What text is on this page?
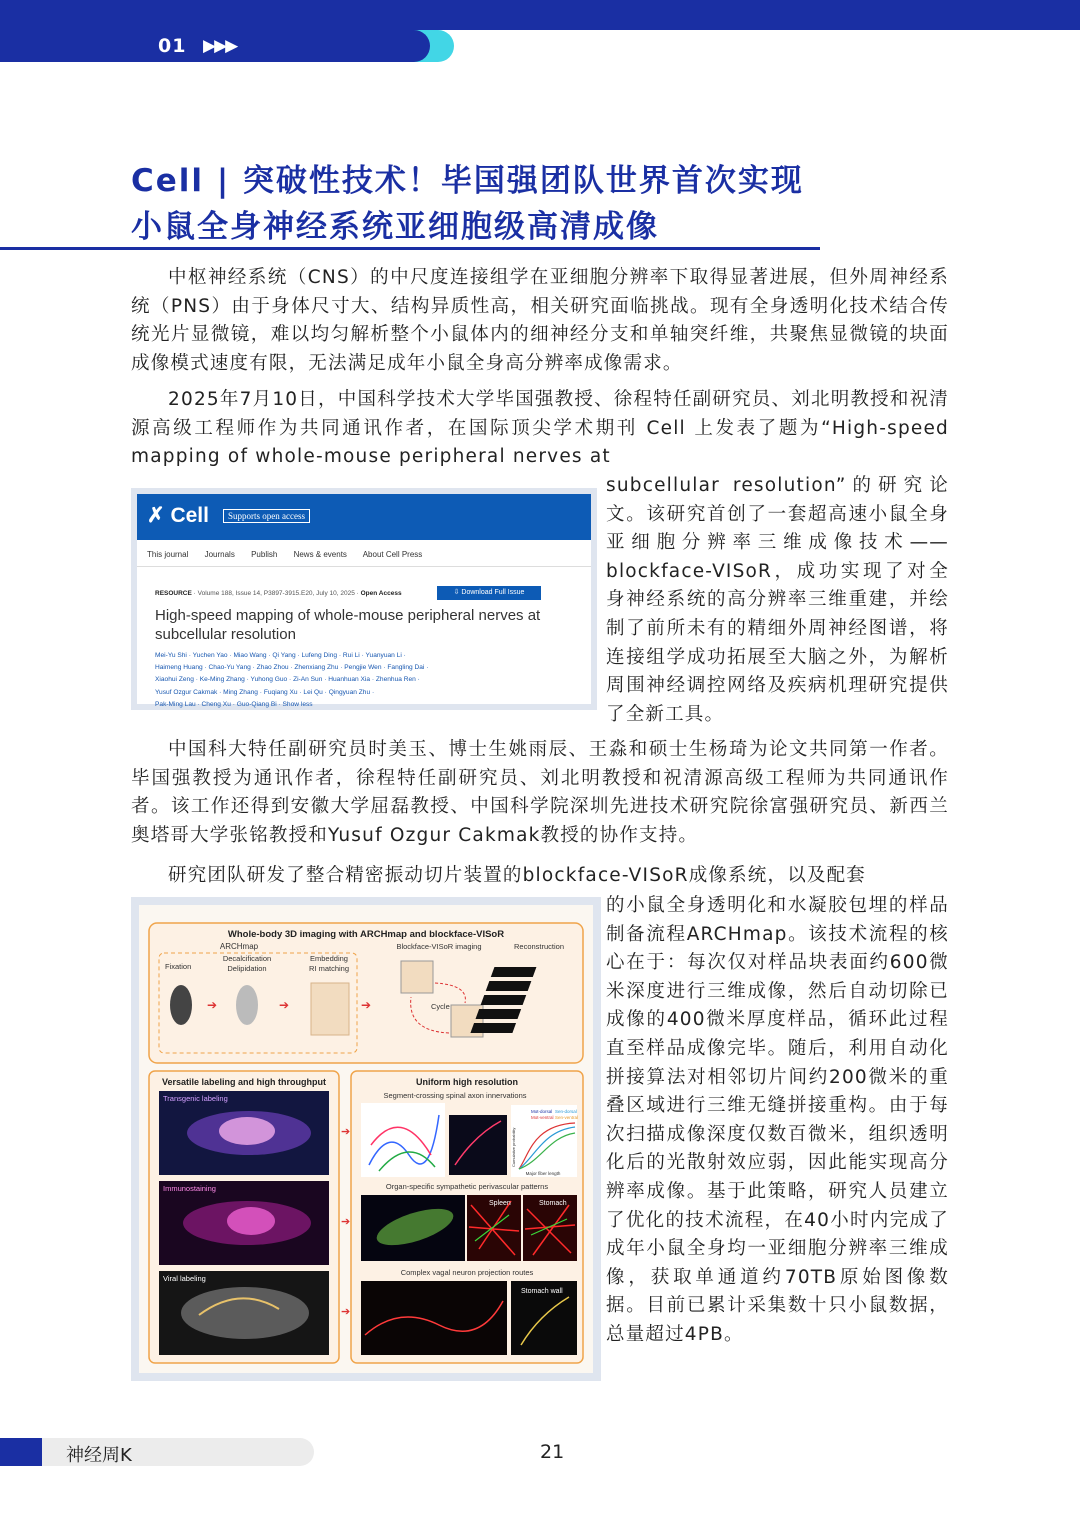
01 ▶▶▶
Cell | 突破性技术！毕国强团队世界首次实现
小鼠全身神经系统亚细胞级高清成像

中枢神经系统（CNS）的中尺度连接组学在亚细胞分辨率下取得显著进展，但外周神经系统（PNS）由于身体尺寸大、结构异质性高，相关研究面临挑战。现有全身透明化技术结合传统光片显微镜，难以均匀解析整个小鼠体内的细神经分支和单轴突纤维，共聚焦显微镜的块面成像模式速度有限，无法满足成年小鼠全身高分辨率成像需求。

2025年7月10日，中国科学技术大学毕国强教授、徐程特任副研究员、刘北明教授和祝清源高级工程师作为共同通讯作者，在国际顶尖学术期刊 Cell 上发表了题为“High-speed mapping of whole-mouse peripheral nerves at

subcellular resolution”的研究论文。该研究首创了一套超高速小鼠全身亚细胞分辨率三维成像技术——blockface-VISoR，成功实现了对全身神经系统的高分辨率三维重建，并绘制了前所未有的精细外周神经图谱，将连接组学成功拓展至大脑之外，为解析周围神经调控网络及疾病机理研究提供了全新工具。

中国科大特任副研究员时美玉、博士生姚雨辰、王淼和硕士生杨琦为论文共同第一作者。毕国强教授为通讯作者，徐程特任副研究员、刘北明教授和祝清源高级工程师为共同通讯作者。该工作还得到安徽大学屈磊教授、中国科学院深圳先进技术研究院徐富强研究员、新西兰奥塔哥大学张铭教授和Yusuf Ozgur Cakmak教授的协作支持。

研究团队研发了整合精密振动切片装置的blockface-VISoR成像系统，以及配套

的小鼠全身透明化和水凝胶包埋的样品制备流程ARCHmap。该技术流程的核心在于：每次仅对样品块表面约600微米深度进行三维成像，然后自动切除已成像的400微米厚度样品，循环此过程直至样品成像完毕。随后，利用自动化拼接算法对相邻切片间约200微米的重叠区域进行三维无缝拼接重构。由于每次扫描成像深度仅数百微米，组织透明化后的光散射效应弱，因此能实现高分辨率成像。基于此策略，研究人员建立了优化的技术流程，在40小时内完成了成年小鼠全身均一亚细胞分辨率三维成像，获取单通道约70TB原始图像数据。目前已累计采集数十只小鼠数据，总量超过4PB。

✗ Cell	Supports open access
This journal Journals Publish News & events About Cell Press
RESOURCE · Volume 188, Issue 14, P3897-3915.E20, July 10, 2025 · Open Access	⇩ Download Full Issue
High-speed mapping of whole-mouse peripheral nerves at subcellular resolution
Mei-Yu Shi · Yuchen Yao · Miao Wang · Qi Yang · Lufeng Ding · Rui Li · Yuanyuan Li ·
Haimeng Huang · Chao-Yu Yang · Zhao Zhou · Zhenxiang Zhu · Pengjie Wen · Fangling Dai ·
Xiaohui Zeng · Ke-Ming Zhang · Yuhong Guo · Zi-An Sun · Huanhuan Xia · Zhenhua Ren ·
Yusuf Ozgur Cakmak · Ming Zhang · Fuqiang Xu · Lei Qu · Qingyuan Zhu ·
Pak-Ming Lau · Cheng Xu · Guo-Qiang Bi · Show less
Whole-body 3D imaging with ARCHmap and blockface-VISoR
ARCHmap
Decalcification
Delipidation
Fixation
Embedding
RI matching
➔	➔	➔
Blockface-VISoR imaging	Reconstruction
Cycle
Versatile labeling and high throughput
Transgenic labeling
Immunostaining
Viral labeling
Uniform high resolution
Segment-crossing spinal axon innervations
Mot-dorsal Sen-dorsal
Mot-ventral Sen-ventral
Cumulative probability
Major fiber length
Organ-specific sympathetic perivascular patterns
Spleen	Stomach
Complex vagal neuron projection routes
Stomach wall
➔
➔
➔
神经周K	21
